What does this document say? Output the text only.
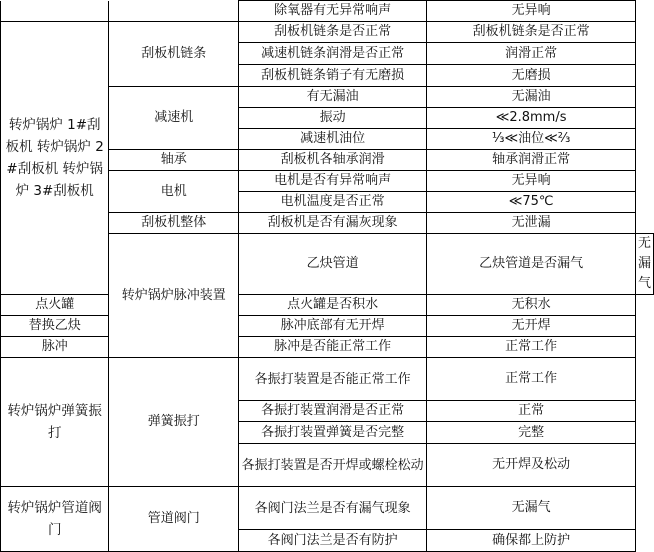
		除氧器有无异常响声	无异响	
转炉锅炉 1#刮板机 转炉锅炉 2#刮板机 转炉锅炉 3#刮板机	刮板机链条	刮板机链条是否正常	刮板机链条是否正常	
		减速机链条润滑是否正常	润滑正常	
		刮板机链条销子有无磨损	无磨损	
	减速机	有无漏油	无漏油	
		振动	≪2.8mm/s	
		减速机油位	⅓≪油位≪⅔	
	轴承	刮板机各轴承润滑	轴承润滑正常	
	电机	电机是否有异常响声	无异响	
		电机温度是否正常	≪75℃	
	刮板机整体	刮板机是否有漏灰现象	无泄漏	
	转炉锅炉脉冲装置	乙炔管道	乙炔管道是否漏气	无漏气
点火罐		点火罐是否积水	无积水	
替换乙炔		脉冲底部有无开焊	无开焊	
脉冲		脉冲是否能正常工作	正常工作	
转炉锅炉弹簧振打	弹簧振打	各振打装置是否能正常工作	正常工作	
		各振打装置润滑是否正常	正常	
		各振打装置弹簧是否完整	完整	
		各振打装置是否开焊或螺栓松动	无开焊及松动	
转炉锅炉管道阀门	管道阀门	各阀门法兰是否有漏气现象	无漏气	
		各阀门法兰是否有防护	确保都上防护	
